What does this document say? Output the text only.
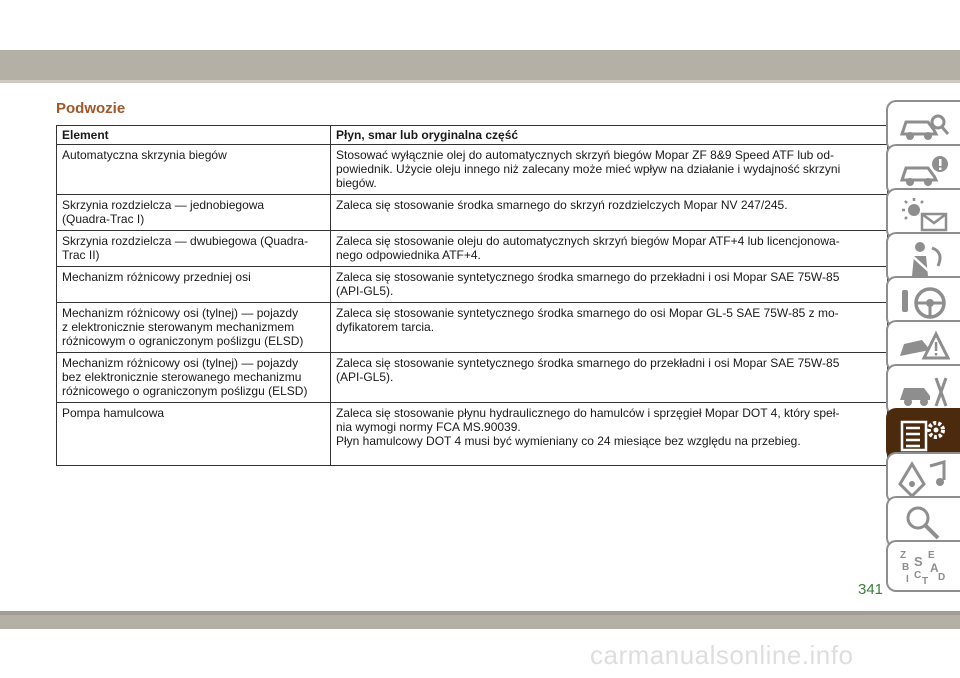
Podwozie
Element	Płyn, smar lub oryginalna część

Automatyczna skrzynia biegów	Stosować wyłącznie olej do automatycznych skrzyń biegów Mopar ZF 8&9 Speed ATF lub od-
powiednik. Użycie oleju innego niż zalecany może mieć wpływ na działanie i wydajność skrzyni
biegów.

Skrzynia rozdzielcza — jednobiegowa
(Quadra-Trac I)	Zaleca się stosowanie środka smarnego do skrzyń rozdzielczych Mopar NV 247/245.

Skrzynia rozdzielcza — dwubiegowa (Quadra-
Trac II)	Zaleca się stosowanie oleju do automatycznych skrzyń biegów Mopar ATF+4 lub licencjonowa-
nego odpowiednika ATF+4.

Mechanizm różnicowy przedniej osi	Zaleca się stosowanie syntetycznego środka smarnego do przekładni i osi Mopar SAE 75W-85
(API-GL5).

Mechanizm różnicowy osi (tylnej) — pojazdy
z elektronicznie sterowanym mechanizmem
różnicowym o ograniczonym poślizgu (ELSD)	Zaleca się stosowanie syntetycznego środka smarnego do osi Mopar GL-5 SAE 75W-85 z mo-
dyfikatorem tarcia.

Mechanizm różnicowy osi (tylnej) — pojazdy
bez elektronicznie sterowanego mechanizmu
różnicowego o ograniczonym poślizgu (ELSD)	Zaleca się stosowanie syntetycznego środka smarnego do przekładni i osi Mopar SAE 75W-85
(API-GL5).

Pompa hamulcowa	Zaleca się stosowanie płynu hydraulicznego do hamulców i sprzęgieł Mopar DOT 4, który speł-
nia wymogi normy FCA MS.90039.
Płyn hamulcowy DOT 4 musi być wymieniany co 24 miesiące bez względu na przebieg.
Z E
B S A
I C D
T
341
carmanualsonline.info
